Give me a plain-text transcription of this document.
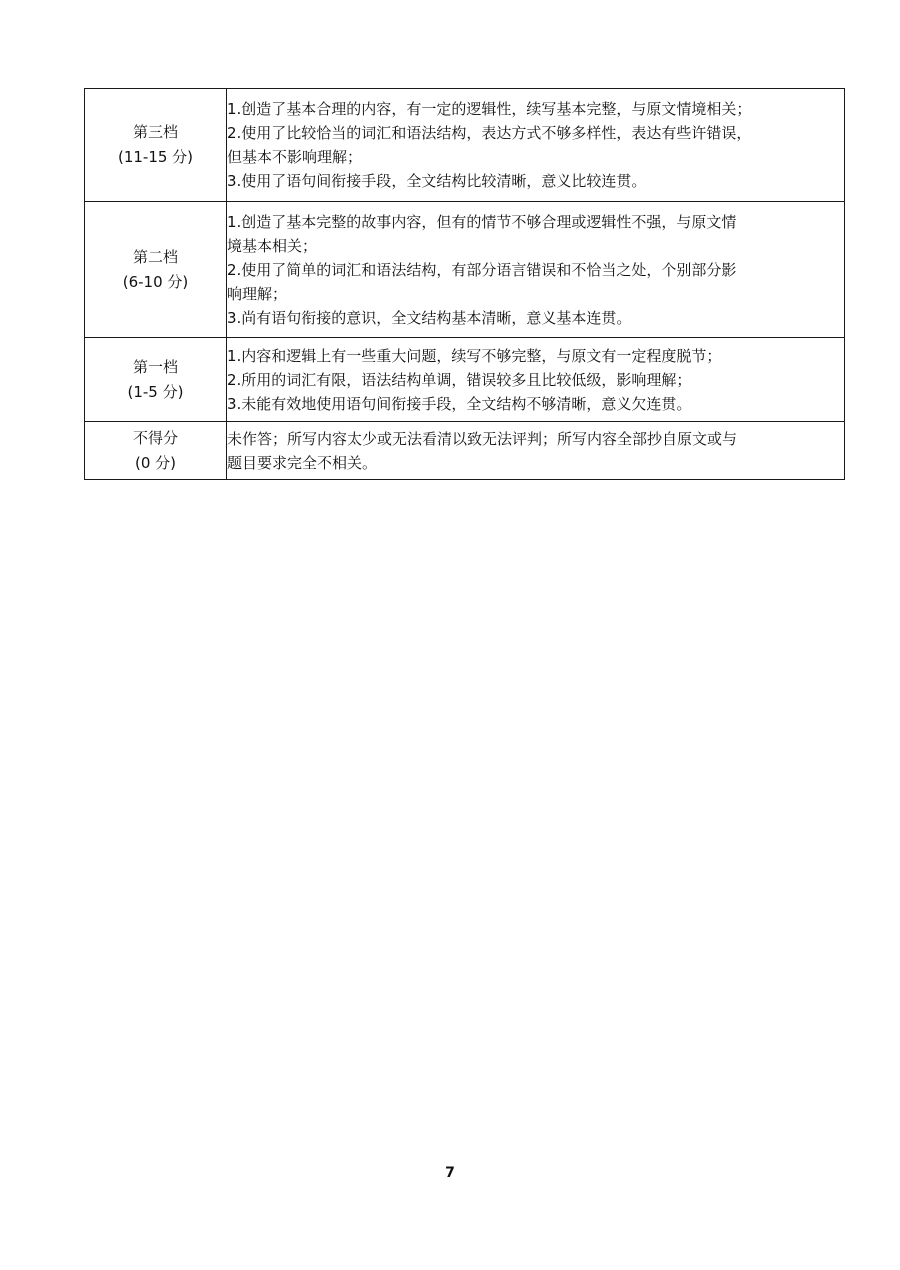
第三档
(11-15 分)	1.创造了基本合理的内容，有一定的逻辑性，续写基本完整，与原文情境相关；
2.使用了比较恰当的词汇和语法结构，表达方式不够多样性，表达有些许错误，
但基本不影响理解；
3.使用了语句间衔接手段，全文结构比较清晰，意义比较连贯。

第二档
(6-10 分)	1.创造了基本完整的故事内容，但有的情节不够合理或逻辑性不强，与原文情
境基本相关；
2.使用了简单的词汇和语法结构，有部分语言错误和不恰当之处，个别部分影
响理解；
3.尚有语句衔接的意识，全文结构基本清晰，意义基本连贯。

第一档
(1-5 分)	1.内容和逻辑上有一些重大问题，续写不够完整，与原文有一定程度脱节；
2.所用的词汇有限，语法结构单调，错误较多且比较低级，影响理解；
3.未能有效地使用语句间衔接手段，全文结构不够清晰，意义欠连贯。

不得分
(0 分)	未作答；所写内容太少或无法看清以致无法评判；所写内容全部抄自原文或与
题目要求完全不相关。
7
